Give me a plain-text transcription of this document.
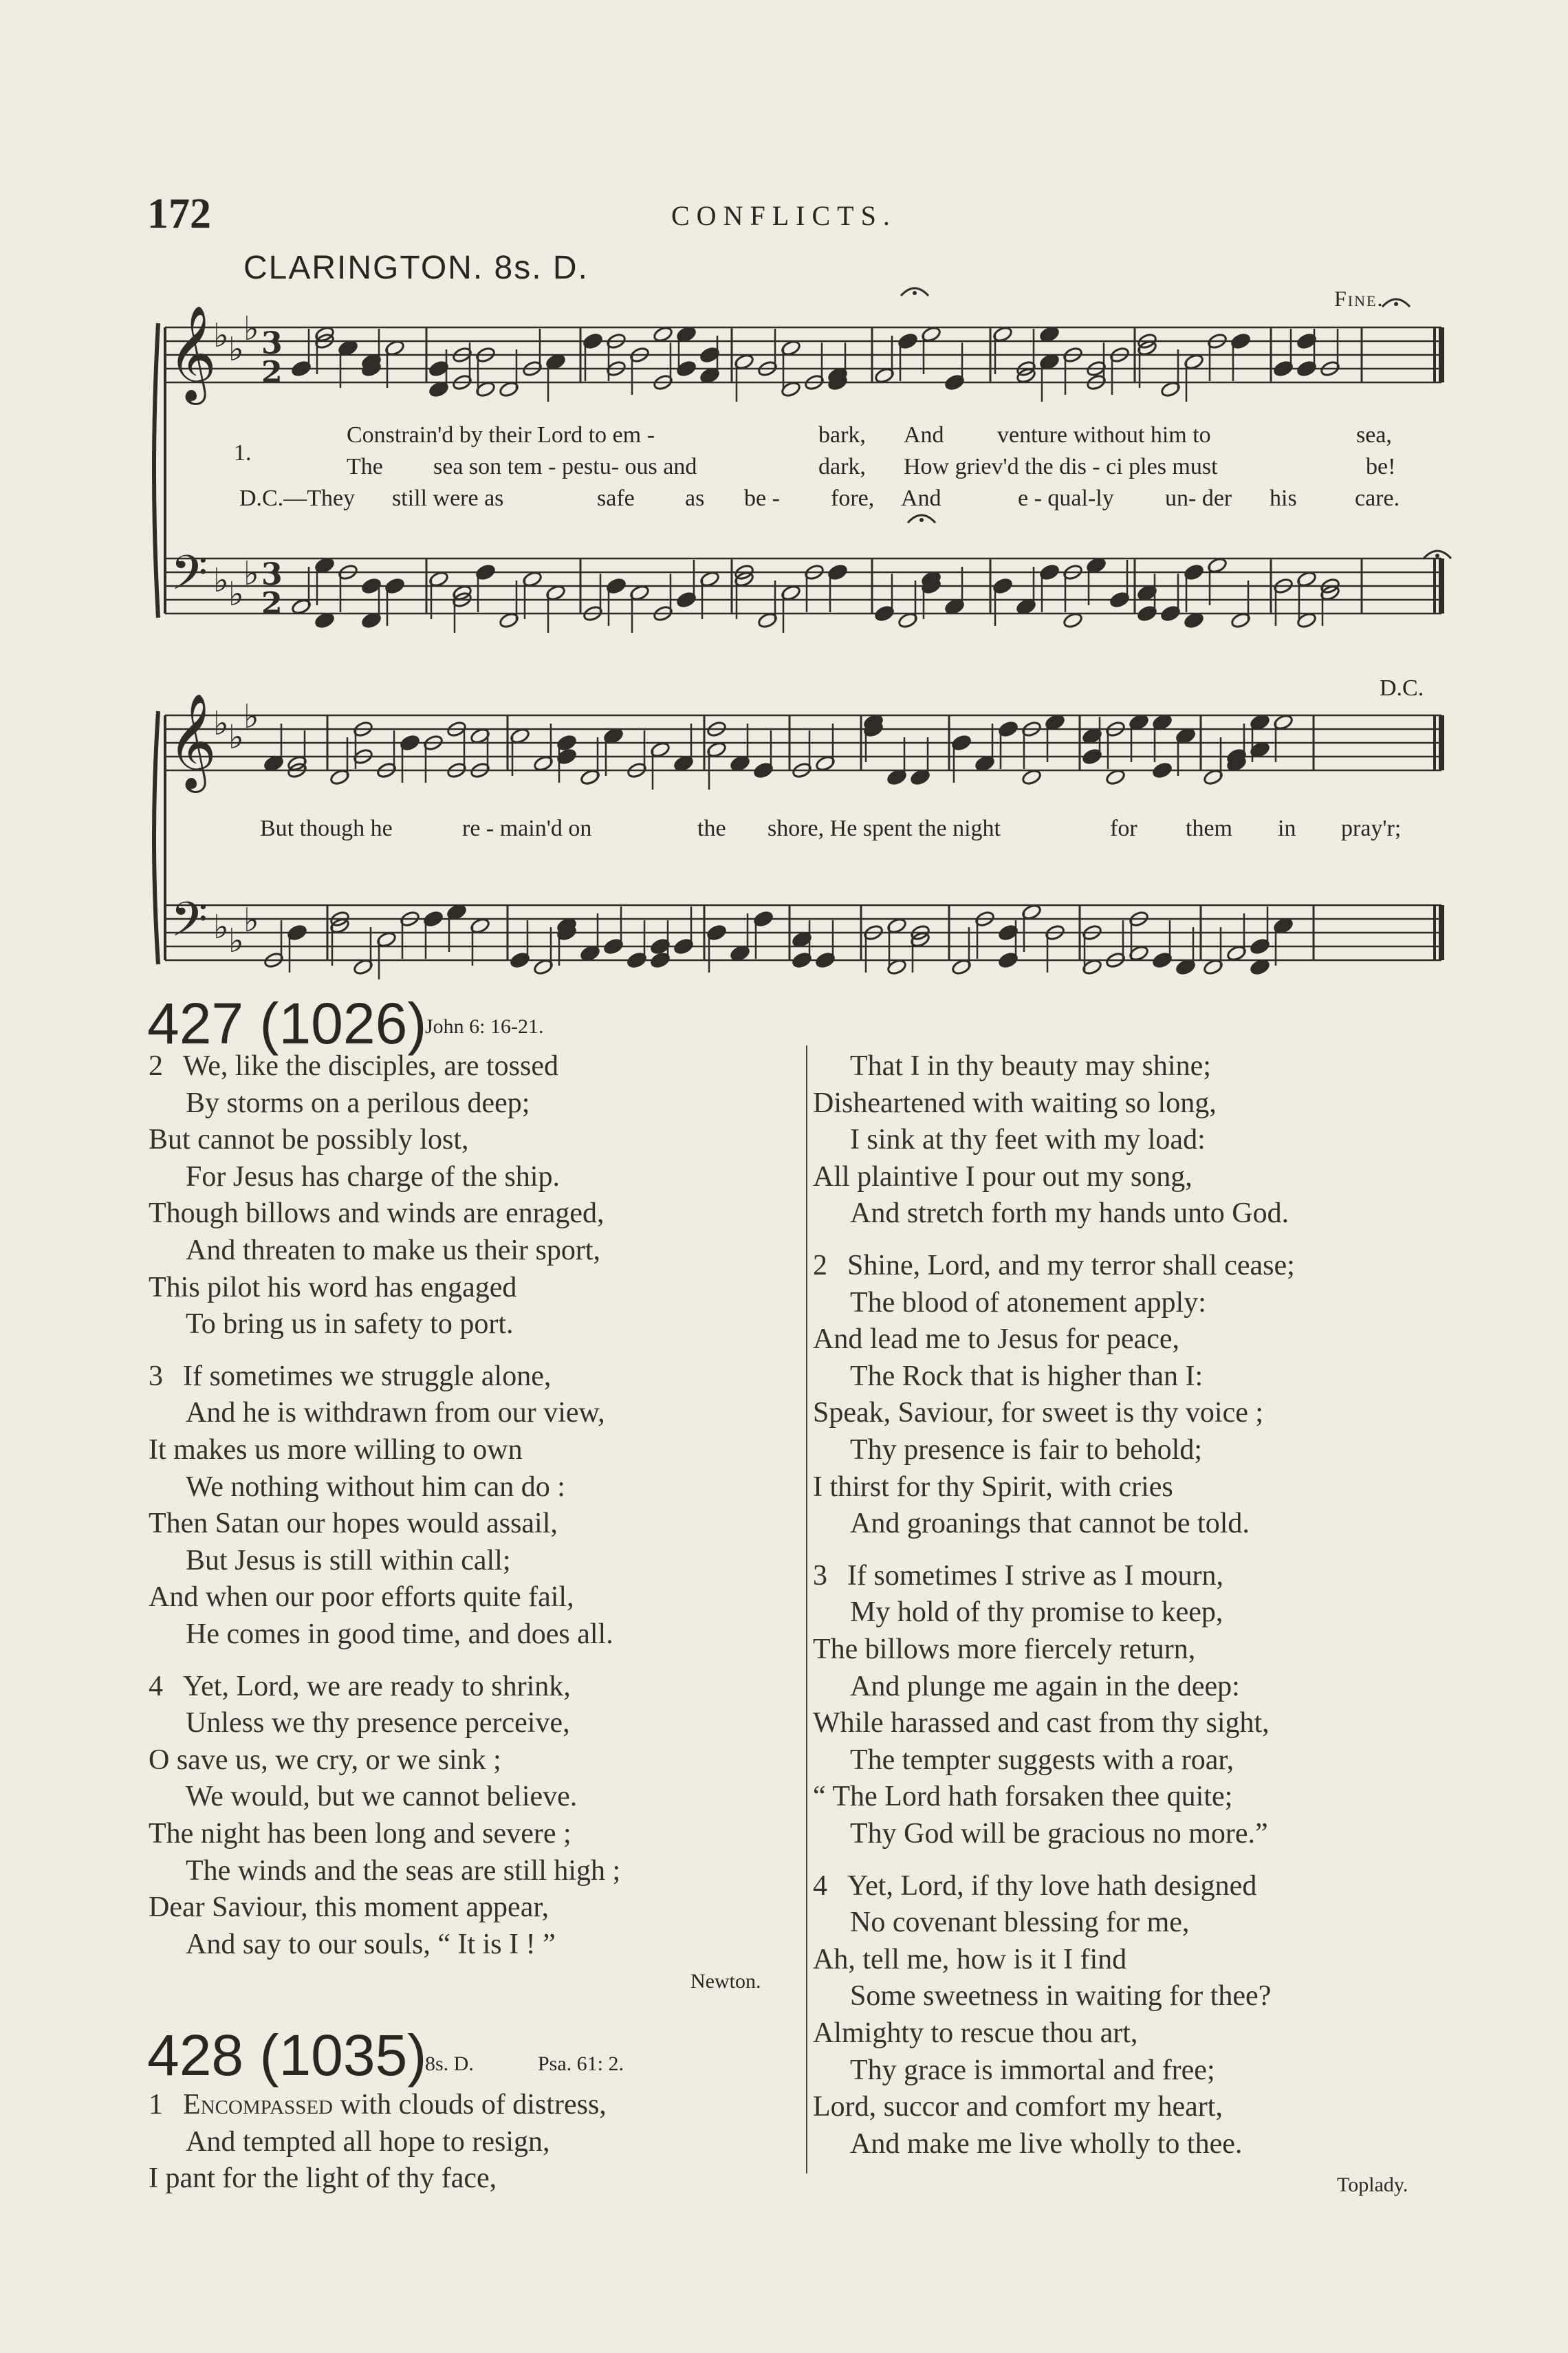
172	CONFLICTS.
CLARINGTON. 8s. D.
Fine.
D.C.
𝄞
𝄢
♭ ♭
♭
♭ ♭
♭
3
2
3
2
𝄞
𝄢
♭ ♭
♭
♭ ♭
♭
1.
Constrain'd by their Lord to em -	bark, And venture without him to	sea,
The sea son tem - pestu- ous and	dark, How griev'd the dis - ci ples must	be!
D.C.—They still were as	safe as be - fore, And	e - qual-ly un- der his care.
But though he	re - main'd on	the shore, He spent the night	for them in pray'r;
427 (1026)
John 6: 16-21.
2 We, like the disciples, are tossed
By storms on a perilous deep;
But cannot be possibly lost,
For Jesus has charge of the ship.
Though billows and winds are enraged,
And threaten to make us their sport,
This pilot his word has engaged
To bring us in safety to port.
3 If sometimes we struggle alone,
And he is withdrawn from our view,
It makes us more willing to own
We nothing without him can do :
Then Satan our hopes would assail,
But Jesus is still within call;
And when our poor efforts quite fail,
He comes in good time, and does all.
4 Yet, Lord, we are ready to shrink,
Unless we thy presence perceive,
O save us, we cry, or we sink ;
We would, but we cannot believe.
The night has been long and severe ;
The winds and the seas are still high ;
Dear Saviour, this moment appear,
And say to our souls, “ It is I ! ”
Newton.
428 (1035)
8s. D.	Psa. 61: 2.
1 Encompassed with clouds of distress,
And tempted all hope to resign,
I pant for the light of thy face,
That I in thy beauty may shine;
Disheartened with waiting so long,
I sink at thy feet with my load:
All plaintive I pour out my song,
And stretch forth my hands unto God.
2 Shine, Lord, and my terror shall cease;
The blood of atonement apply:
And lead me to Jesus for peace,
The Rock that is higher than I:
Speak, Saviour, for sweet is thy voice ;
Thy presence is fair to behold;
I thirst for thy Spirit, with cries
And groanings that cannot be told.
3 If sometimes I strive as I mourn,
My hold of thy promise to keep,
The billows more fiercely return,
And plunge me again in the deep:
While harassed and cast from thy sight,
The tempter suggests with a roar,
“ The Lord hath forsaken thee quite;
Thy God will be gracious no more.”
4 Yet, Lord, if thy love hath designed
No covenant blessing for me,
Ah, tell me, how is it I find
Some sweetness in waiting for thee?
Almighty to rescue thou art,
Thy grace is immortal and free;
Lord, succor and comfort my heart,
And make me live wholly to thee.
Toplady.
